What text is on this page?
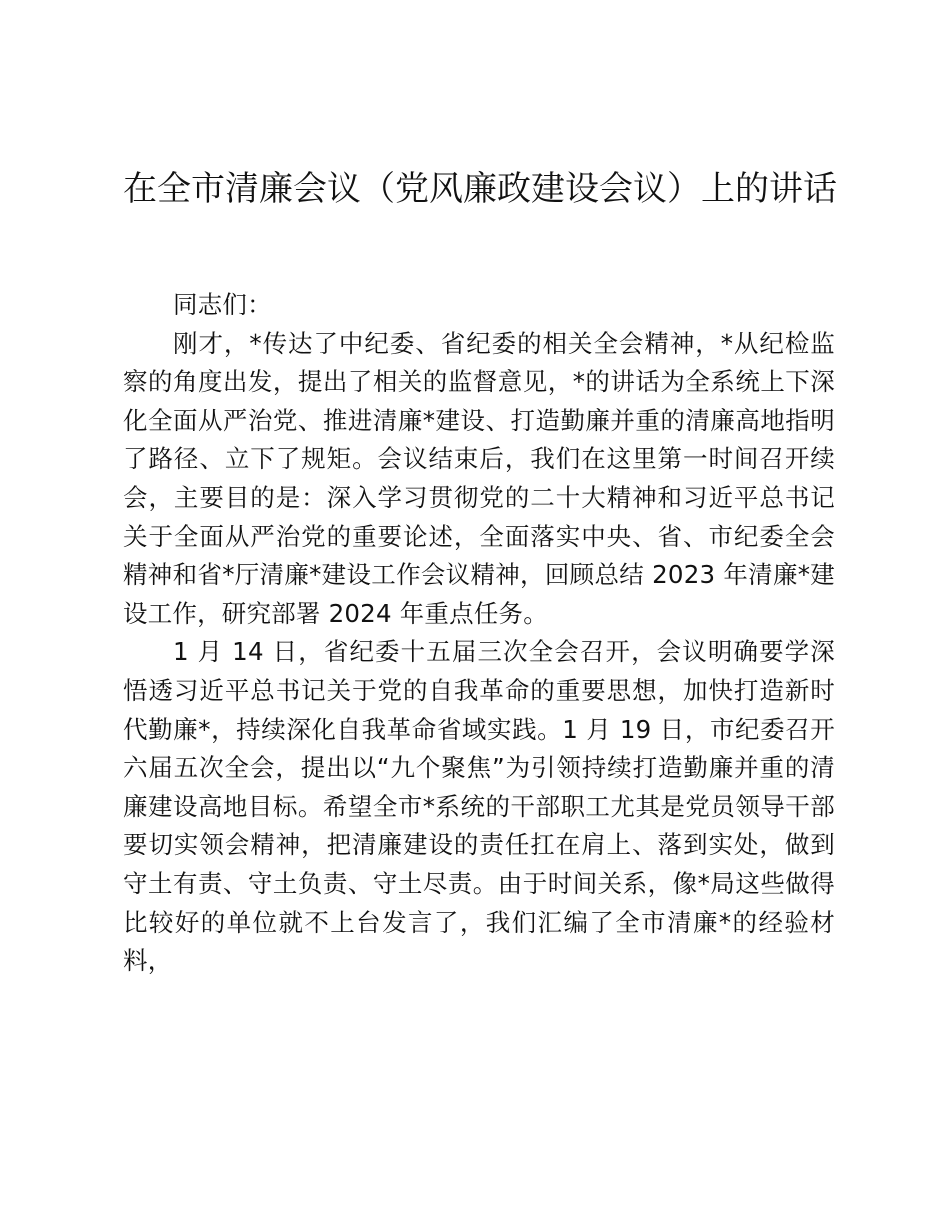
在全市清廉会议（党风廉政建设会议）上的讲话

同志们：

刚才，*传达了中纪委、省纪委的相关全会精神，*从纪检监察的角度出发，提出了相关的监督意见，*的讲话为全系统上下深化全面从严治党、推进清廉*建设、打造勤廉并重的清廉高地指明了路径、立下了规矩。会议结束后，我们在这里第一时间召开续会，主要目的是：深入学习贯彻党的二十大精神和习近平总书记关于全面从严治党的重要论述，全面落实中央、省、市纪委全会精神和省*厅清廉*建设工作会议精神，回顾总结 2023 年清廉*建设工作，研究部署 2024 年重点任务。

1 月 14 日，省纪委十五届三次全会召开，会议明确要学深悟透习近平总书记关于党的自我革命的重要思想，加快打造新时代勤廉*，持续深化自我革命省域实践。1 月 19 日，市纪委召开六届五次全会，提出以“九个聚焦”为引领持续打造勤廉并重的清廉建设高地目标。希望全市*系统的干部职工尤其是党员领导干部要切实领会精神，把清廉建设的责任扛在肩上、落到实处，做到守土有责、守土负责、守土尽责。由于时间关系，像*局这些做得比较好的单位就不上台发言了，我们汇编了全市清廉*的经验材料，
